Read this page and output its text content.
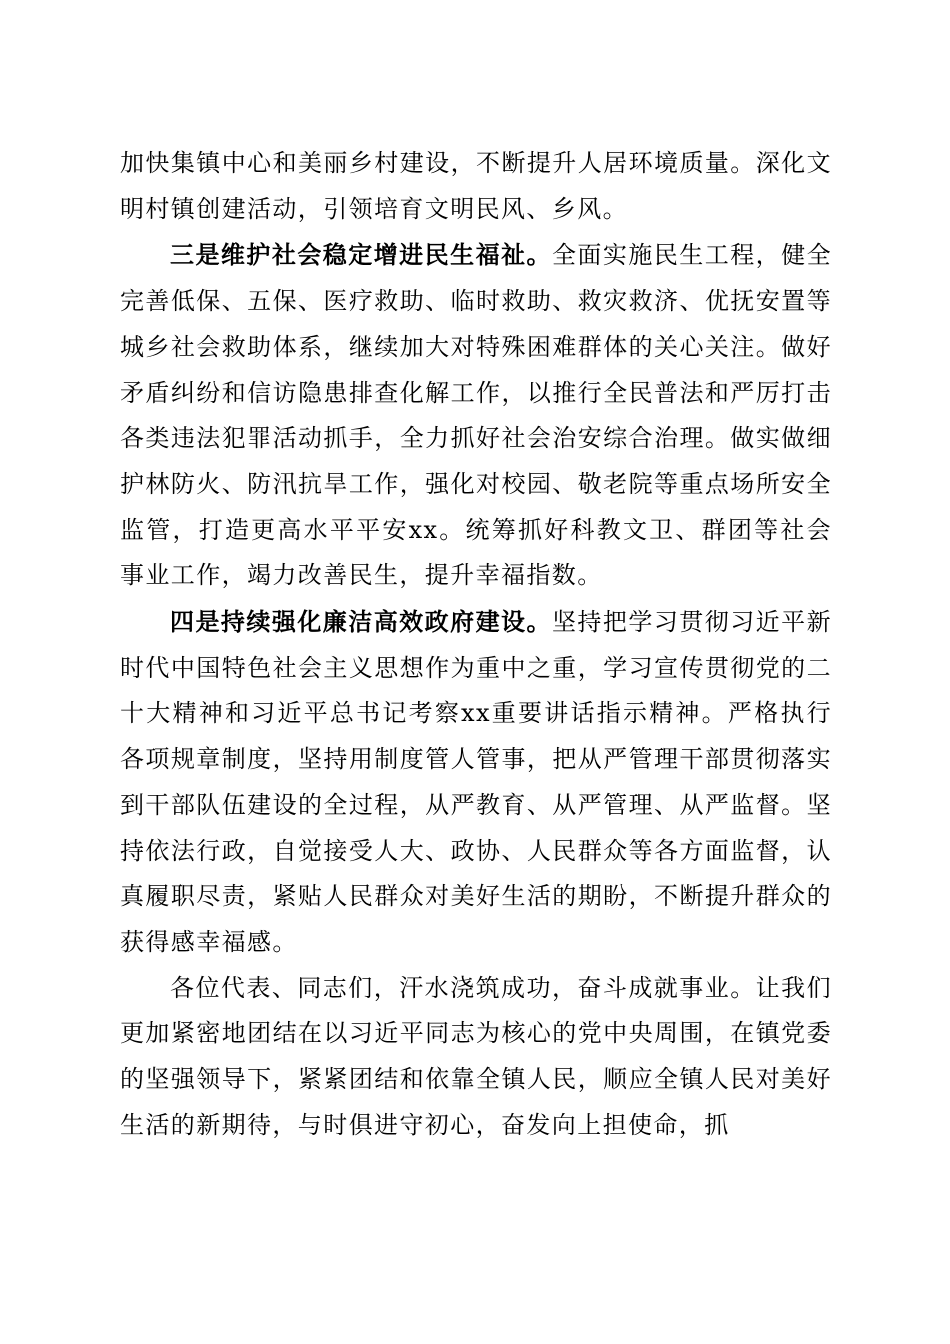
加快集镇中心和美丽乡村建设，不断提升人居环境质量。深化文明村镇创建活动，引领培育文明民风、乡风。

三是维护社会稳定增进民生福祉。全面实施民生工程，健全完善低保、五保、医疗救助、临时救助、救灾救济、优抚安置等城乡社会救助体系，继续加大对特殊困难群体的关心关注。做好矛盾纠纷和信访隐患排查化解工作，以推行全民普法和严厉打击各类违法犯罪活动抓手，全力抓好社会治安综合治理。做实做细护林防火、防汛抗旱工作，强化对校园、敬老院等重点场所安全监管，打造更高水平平安xx。统筹抓好科教文卫、群团等社会事业工作，竭力改善民生，提升幸福指数。

四是持续强化廉洁高效政府建设。坚持把学习贯彻习近平新时代中国特色社会主义思想作为重中之重，学习宣传贯彻党的二十大精神和习近平总书记考察xx重要讲话指示精神。严格执行各项规章制度，坚持用制度管人管事，把从严管理干部贯彻落实到干部队伍建设的全过程，从严教育、从严管理、从严监督。坚持依法行政，自觉接受人大、政协、人民群众等各方面监督，认真履职尽责，紧贴人民群众对美好生活的期盼，不断提升群众的获得感幸福感。

各位代表、同志们，汗水浇筑成功，奋斗成就事业。让我们更加紧密地团结在以习近平同志为核心的党中央周围，在镇党委的坚强领导下，紧紧团结和依靠全镇人民，顺应全镇人民对美好生活的新期待，与时俱进守初心，奋发向上担使命，抓
